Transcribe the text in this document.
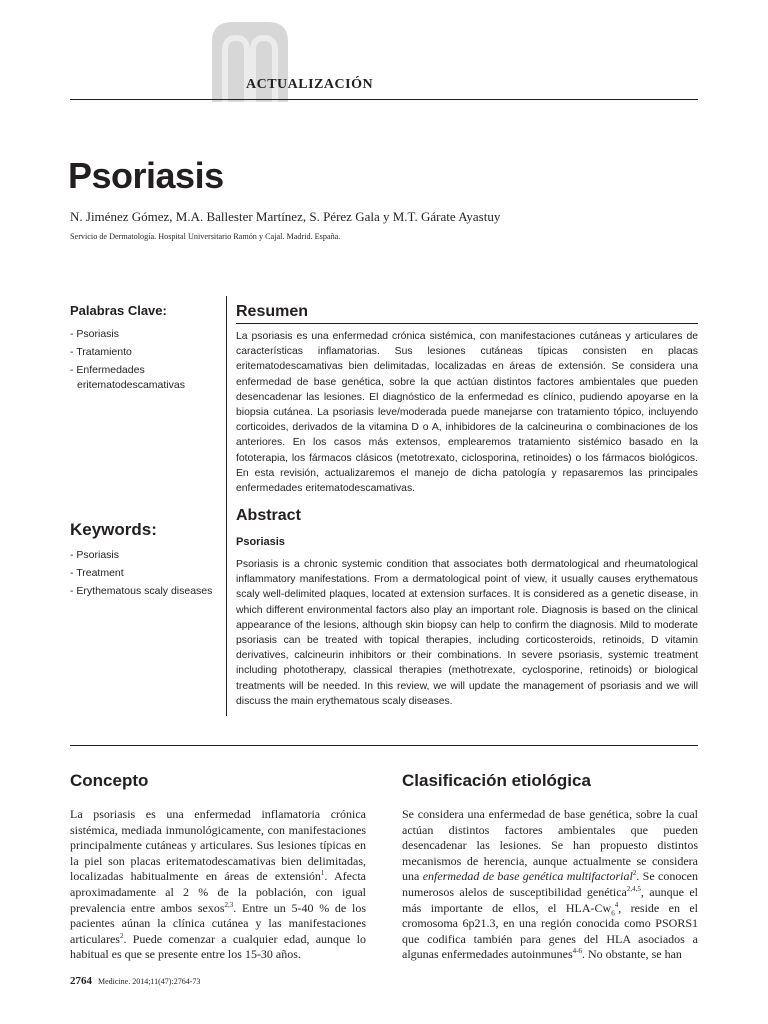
ACTUALIZACIÓN
Psoriasis
N. Jiménez Gómez, M.A. Ballester Martínez, S. Pérez Gala y M.T. Gárate Ayastuy
Servicio de Dermatología. Hospital Universitario Ramón y Cajal. Madrid. España.
Palabras Clave:
- Psoriasis
- Tratamiento
- Enfermedades
eritematodescamativas
Keywords:
- Psoriasis
- Treatment
- Erythematous scaly diseases
Resumen

La psoriasis es una enfermedad crónica sistémica, con manifestaciones cutáneas y articulares de características inflamatorias. Sus lesiones cutáneas típicas consisten en placas eritematodescamativas bien delimitadas, localizadas en áreas de extensión. Se considera una enfermedad de base genética, sobre la que actúan distintos factores ambientales que pueden desencadenar las lesiones. El diagnóstico de la enfermedad es clínico, pudiendo apoyarse en la biopsia cutánea. La psoriasis leve/moderada puede manejarse con tratamiento tópico, incluyendo corticoides, derivados de la vitamina D o A, inhibidores de la calcineurina o combinaciones de los anteriores. En los casos más extensos, emplearemos tratamiento sistémico basado en la fototerapia, los fármacos clásicos (metotrexato, ciclosporina, retinoides) o los fármacos biológicos. En esta revisión, actualizaremos el manejo de dicha patología y repasaremos las principales enfermedades eritematodescamativas.

Abstract
Psoriasis

Psoriasis is a chronic systemic condition that associates both dermatological and rheumatological inflammatory manifestations. From a dermatological point of view, it usually causes erythematous scaly well-delimited plaques, located at extension surfaces. It is considered as a genetic disease, in which different environmental factors also play an important role. Diagnosis is based on the clinical appearance of the lesions, although skin biopsy can help to confirm the diagnosis. Mild to moderate psoriasis can be treated with topical therapies, including corticosteroids, retinoids, D vitamin derivatives, calcineurin inhibitors or their combinations. In severe psoriasis, systemic treatment including phototherapy, classical therapies (methotrexate, cyclosporine, retinoids) or biological treatments will be needed. In this review, we will update the management of psoriasis and we will discuss the main erythematous scaly diseases.

Concepto

La psoriasis es una enfermedad inflamatoria crónica sistémica, mediada inmunológicamente, con manifestaciones principalmente cutáneas y articulares. Sus lesiones típicas en la piel son placas eritematodescamativas bien delimitadas, localizadas habitualmente en áreas de extensión$^1$. Afecta aproximadamente al 2 % de la población, con igual prevalencia entre ambos sexos$^{2,3}$. Entre un 5-40 % de los pacientes aúnan la clínica cutánea y las manifestaciones articulares$^2$. Puede comenzar a cualquier edad, aunque lo habitual es que se presente entre los 15-30 años.

Clasificación etiológica

Se considera una enfermedad de base genética, sobre la cual actúan distintos factores ambientales que pueden desencadenar las lesiones. Se han propuesto distintos mecanismos de herencia, aunque actualmente se considera una enfermedad de base genética multifactorial$^2$. Se conocen numerosos alelos de susceptibilidad genética$^{2,4,5}$, aunque el más importante de ellos, el HLA-$Cw_6^4$, reside en el cromosoma 6p21.3, en una región conocida como PSORS1 que codifica también para genes del HLA asociados a algunas enfermedades autoinmunes$^{4-6}$. No obstante, se han

2764 Medicine. 2014;11(47):2764-73
